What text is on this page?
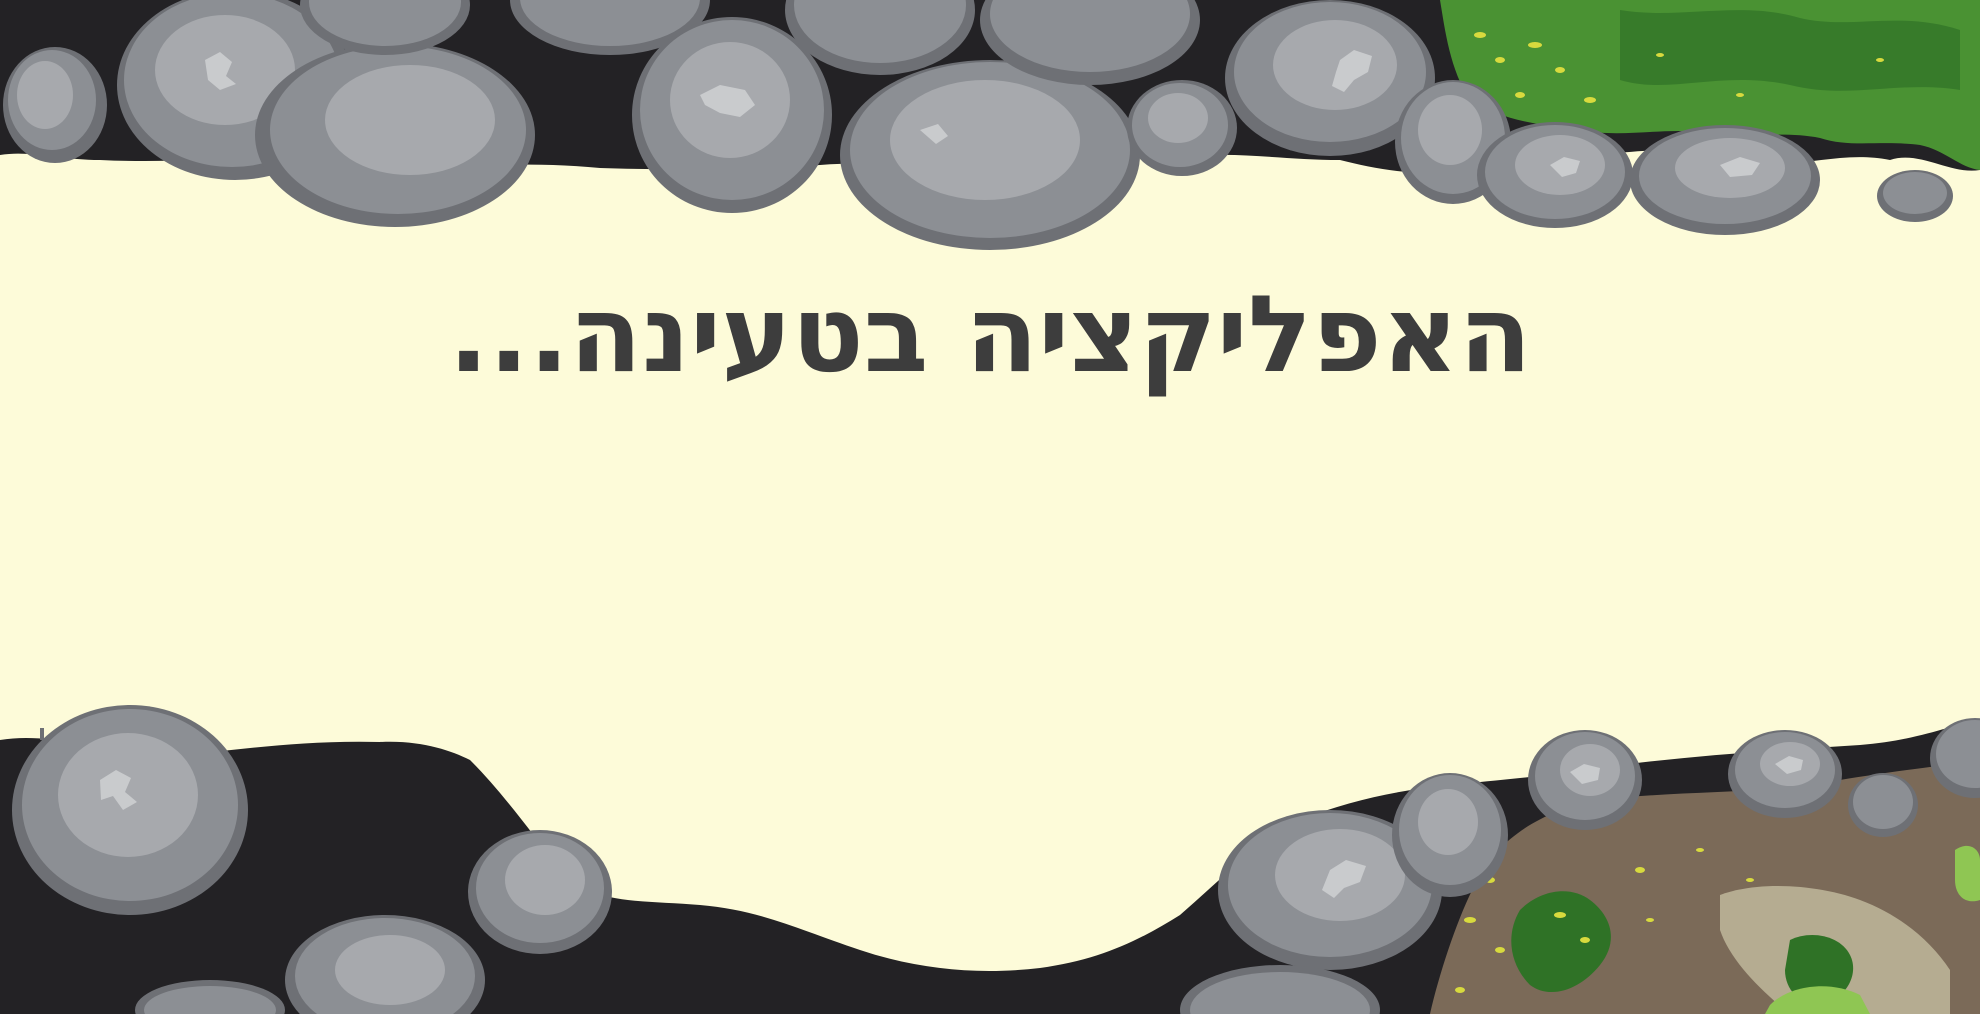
האפליקציה בטעינה...
